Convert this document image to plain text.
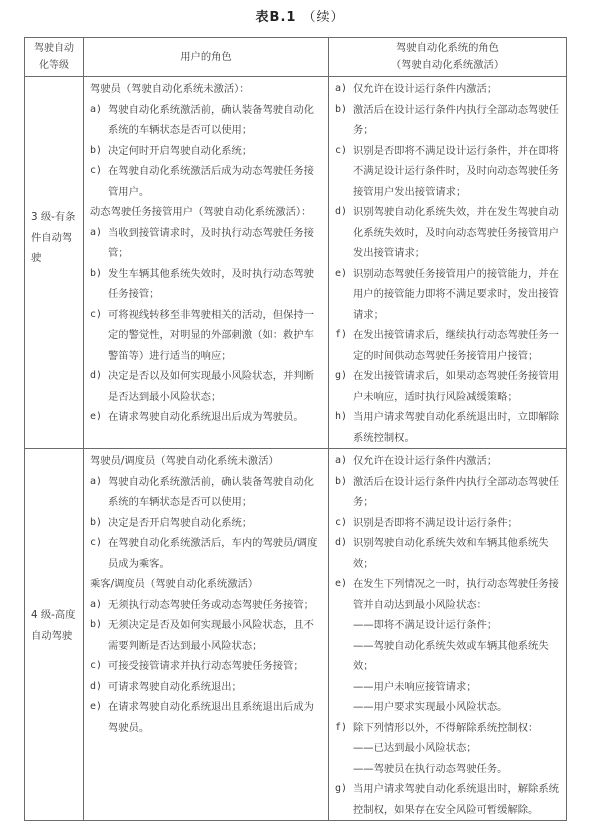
表B.1 （续）
驾驶自动
化等级
	用户的角色	
驾驶自动化系统的角色
（驾驶自动化系统激活）

3 级-有条
件自动驾
驶

驾驶员（驾驶自动化系统未激活）：
a) 驾驶自动化系统激活前，确认装备驾驶自动化系统的车辆状态是否可以使用；
b) 决定何时开启驾驶自动化系统；
c) 在驾驶自动化系统激活后成为动态驾驶任务接管用户。
动态驾驶任务接管用户（驾驶自动化系统激活）：
a) 当收到接管请求时，及时执行动态驾驶任务接管；
b) 发生车辆其他系统失效时，及时执行动态驾驶任务接管；
c) 可将视线转移至非驾驶相关的活动，但保持一定的警觉性，对明显的外部刺激（如：救护车警笛等）进行适当的响应；
d) 决定是否以及如何实现最小风险状态，并判断是否达到最小风险状态；
e) 在请求驾驶自动化系统退出后成为驾驶员。

a) 仅允许在设计运行条件内激活；
b) 激活后在设计运行条件内执行全部动态驾驶任务；
c) 识别是否即将不满足设计运行条件，并在即将不满足设计运行条件时，及时向动态驾驶任务接管用户发出接管请求；
d) 识别驾驶自动化系统失效，并在发生驾驶自动化系统失效时，及时向动态驾驶任务接管用户发出接管请求；
e) 识别动态驾驶任务接管用户的接管能力，并在用户的接管能力即将不满足要求时，发出接管请求；
f) 在发出接管请求后，继续执行动态驾驶任务一定的时间供动态驾驶任务接管用户接管；
g) 在发出接管请求后，如果动态驾驶任务接管用户未响应，适时执行风险减缓策略；
h) 当用户请求驾驶自动化系统退出时，立即解除系统控制权。

4 级-高度
自动驾驶

驾驶员/调度员（驾驶自动化系统未激活）
a) 驾驶自动化系统激活前，确认装备驾驶自动化系统的车辆状态是否可以使用；
b) 决定是否开启驾驶自动化系统；
c) 在驾驶自动化系统激活后，车内的驾驶员/调度员成为乘客。
乘客/调度员（驾驶自动化系统激活）
a) 无须执行动态驾驶任务或动态驾驶任务接管；
b) 无须决定是否及如何实现最小风险状态，且不需要判断是否达到最小风险状态；
c) 可接受接管请求并执行动态驾驶任务接管；
d) 可请求驾驶自动化系统退出；
e) 在请求驾驶自动化系统退出且系统退出后成为驾驶员。

a) 仅允许在设计运行条件内激活；
b) 激活后在设计运行条件内执行全部动态驾驶任务；
c) 识别是否即将不满足设计运行条件；
d) 识别驾驶自动化系统失效和车辆其他系统失效；
e) 在发生下列情况之一时，执行动态驾驶任务接管并自动达到最小风险状态：
——即将不满足设计运行条件；
——驾驶自动化系统失效或车辆其他系统失效；
——用户未响应接管请求；
——用户要求实现最小风险状态。
f) 除下列情形以外，不得解除系统控制权：
——已达到最小风险状态；
——驾驶员在执行动态驾驶任务。
g) 当用户请求驾驶自动化系统退出时，解除系统控制权，如果存在安全风险可暂缓解除。
